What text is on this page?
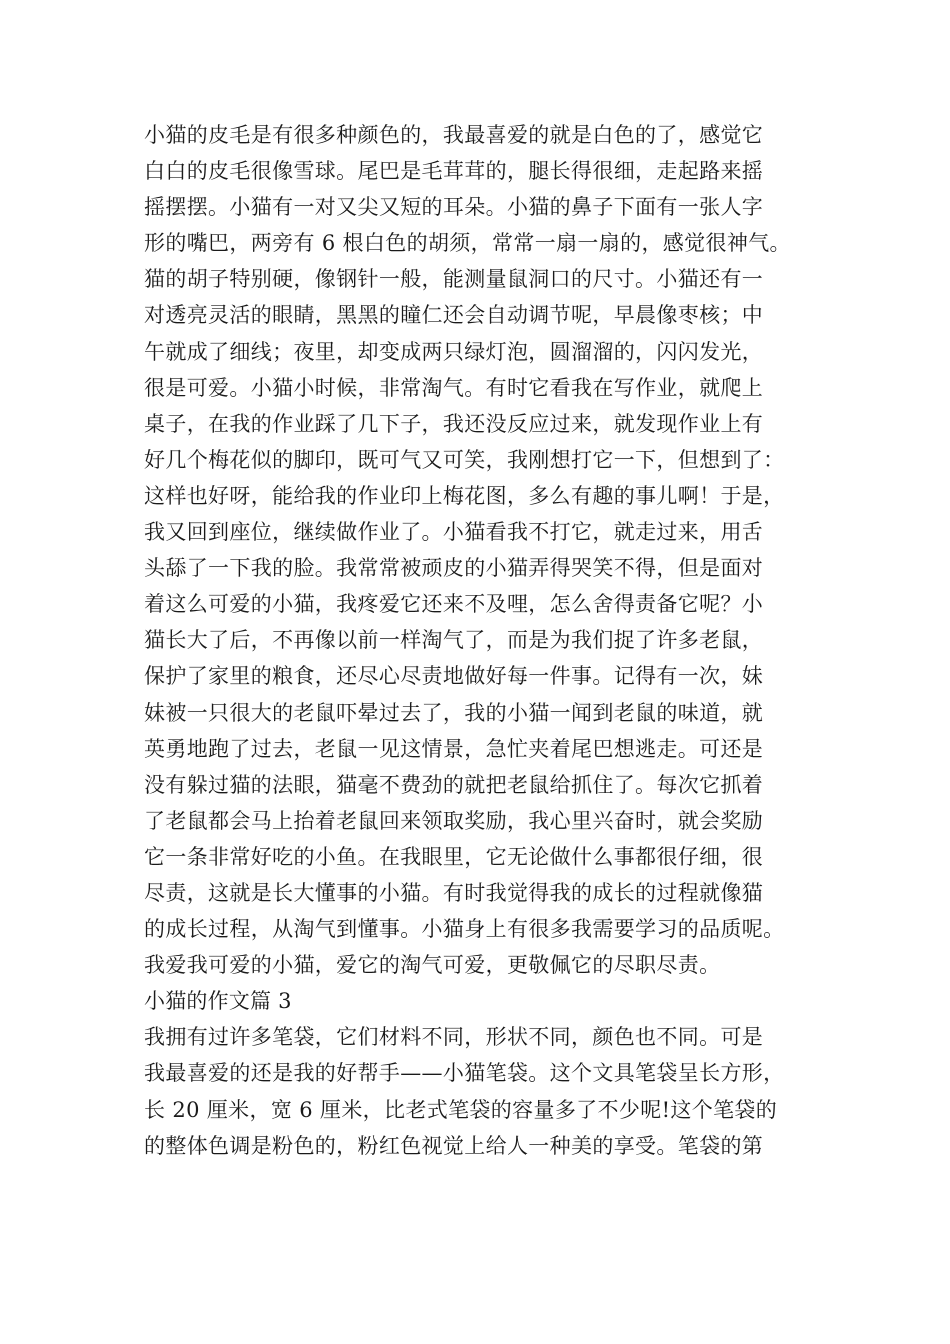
小猫的皮毛是有很多种颜色的，我最喜爱的就是白色的了，感觉它
白白的皮毛很像雪球。尾巴是毛茸茸的，腿长得很细，走起路来摇
摇摆摆。小猫有一对又尖又短的耳朵。小猫的鼻子下面有一张人字
形的嘴巴，两旁有 6 根白色的胡须，常常一扇一扇的，感觉很神气。
猫的胡子特别硬，像钢针一般，能测量鼠洞口的尺寸。小猫还有一
对透亮灵活的眼睛，黑黑的瞳仁还会自动调节呢，早晨像枣核；中
午就成了细线；夜里，却变成两只绿灯泡，圆溜溜的，闪闪发光，
很是可爱。小猫小时候，非常淘气。有时它看我在写作业，就爬上
桌子，在我的作业踩了几下子，我还没反应过来，就发现作业上有
好几个梅花似的脚印，既可气又可笑，我刚想打它一下，但想到了：
这样也好呀，能给我的作业印上梅花图，多么有趣的事儿啊！于是，
我又回到座位，继续做作业了。小猫看我不打它，就走过来，用舌
头舔了一下我的脸。我常常被顽皮的小猫弄得哭笑不得，但是面对
着这么可爱的小猫，我疼爱它还来不及哩，怎么舍得责备它呢？小
猫长大了后，不再像以前一样淘气了，而是为我们捉了许多老鼠，
保护了家里的粮食，还尽心尽责地做好每一件事。记得有一次，妹
妹被一只很大的老鼠吓晕过去了，我的小猫一闻到老鼠的味道，就
英勇地跑了过去，老鼠一见这情景，急忙夹着尾巴想逃走。可还是
没有躲过猫的法眼，猫毫不费劲的就把老鼠给抓住了。每次它抓着
了老鼠都会马上抬着老鼠回来领取奖励，我心里兴奋时，就会奖励
它一条非常好吃的小鱼。在我眼里，它无论做什么事都很仔细，很
尽责，这就是长大懂事的小猫。有时我觉得我的成长的过程就像猫
的成长过程，从淘气到懂事。小猫身上有很多我需要学习的品质呢。
我爱我可爱的小猫，爱它的淘气可爱，更敬佩它的尽职尽责。
小猫的作文篇 3
我拥有过许多笔袋，它们材料不同，形状不同，颜色也不同。可是
我最喜爱的还是我的好帮手——小猫笔袋。这个文具笔袋呈长方形，
长 20 厘米，宽 6 厘米，比老式笔袋的容量多了不少呢!这个笔袋的
的整体色调是粉色的，粉红色视觉上给人一种美的享受。笔袋的第
